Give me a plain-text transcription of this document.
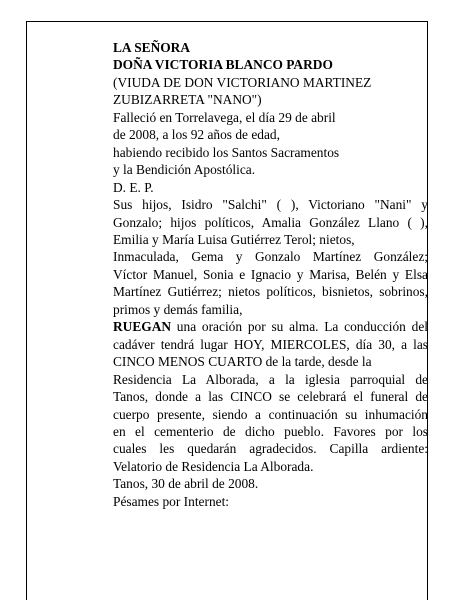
LA SEÑORA
DOÑA VICTORIA BLANCO PARDO
(VIUDA DE DON VICTORIANO MARTINEZ
ZUBIZARRETA "NANO")
Falleció en Torrelavega, el día 29 de abril
de 2008, a los 92 años de edad,
habiendo recibido los Santos Sacramentos
y la Bendición Apostólica.
D. E. P.
Sus hijos, Isidro "Salchi" ( ), Victoriano "Nani" y
Gonzalo; hijos políticos, Amalia González Llano ( ),
Emilia y María Luisa Gutiérrez Terol; nietos,
Inmaculada, Gema y Gonzalo Martínez González;
Víctor Manuel, Sonia e Ignacio y Marisa, Belén y Elsa
Martínez Gutiérrez; nietos políticos, bisnietos, sobrinos,
primos y demás familia,
RUEGAN una oración por su alma. La conducción del
cadáver tendrá lugar HOY, MIERCOLES, día 30, a las
CINCO MENOS CUARTO de la tarde, desde la
Residencia La Alborada, a la iglesia parroquial de
Tanos, donde a las CINCO se celebrará el funeral de
cuerpo presente, siendo a continuación su inhumación
en el cementerio de dicho pueblo. Favores por los
cuales les quedarán agradecidos. Capilla ardiente:
Velatorio de Residencia La Alborada.
Tanos, 30 de abril de 2008.
Pésames por Internet:
